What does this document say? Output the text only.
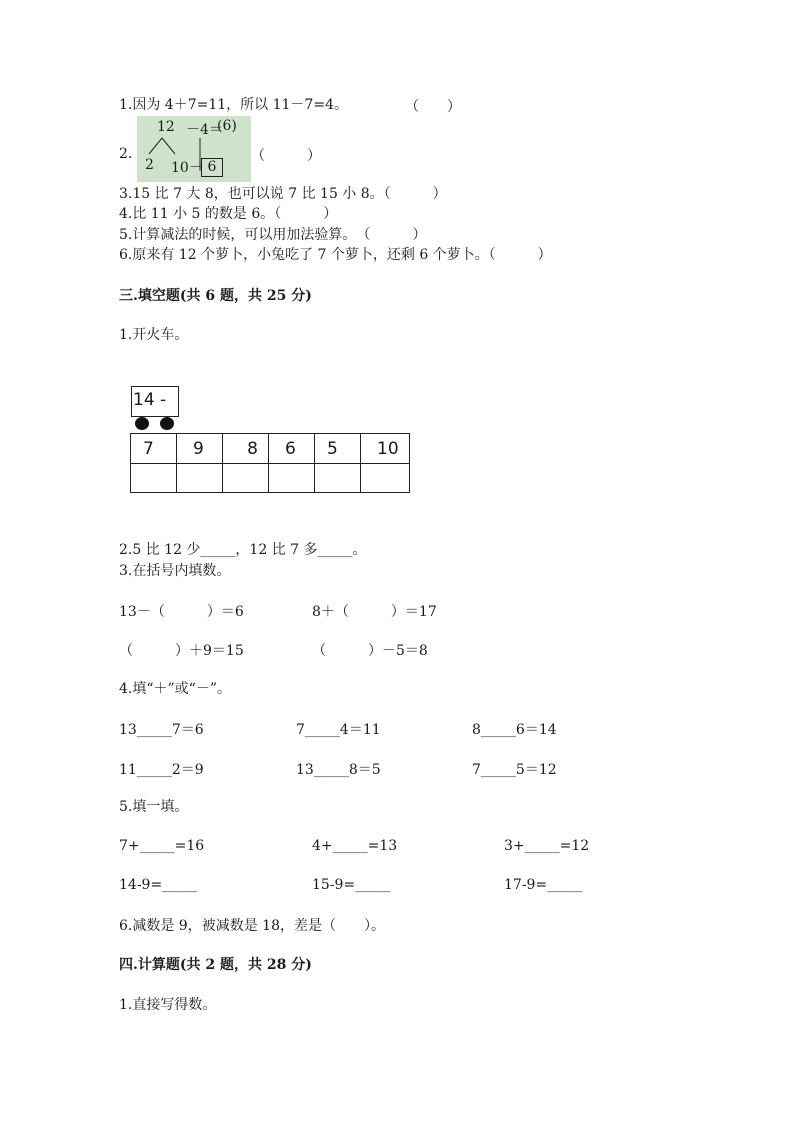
1.因为 4＋7=11，所以 11－7=4。	（　　）
2.
12 －4＝
(6)
2 10－ 6
（　　　）
3.15 比 7 大 8，也可以说 7 比 15 小 8。（　　　）
4.比 11 小 5 的数是 6。（　　　）
5.计算减法的时候，可以用加法验算。　（　　　）
6.原来有 12 个萝卜，小兔吃了 7 个萝卜，还剩 6 个萝卜。（　　　）
三.填空题(共 6 题，共 25 分)
1.开火车。
14 -
7	9	8	6	5	10

2.5 比 12 少_____，12 比 7 多_____。
3.在括号内填数。
13－（　　　）＝6	8＋（　　　）＝17
（　　　）＋9＝15	（　　　）－5＝8
4.填“＋”或“－”。
13_____7＝6	7_____4＝11	8_____6＝14
11_____2＝9	13_____8＝5	7_____5＝12
5.填一填。
7+_____=16	4+_____=13	3+_____=12
14-9=_____	15-9=_____	17-9=_____
6.减数是 9，被减数是 18，差是（　　）。
四.计算题(共 2 题，共 28 分)
1.直接写得数。
